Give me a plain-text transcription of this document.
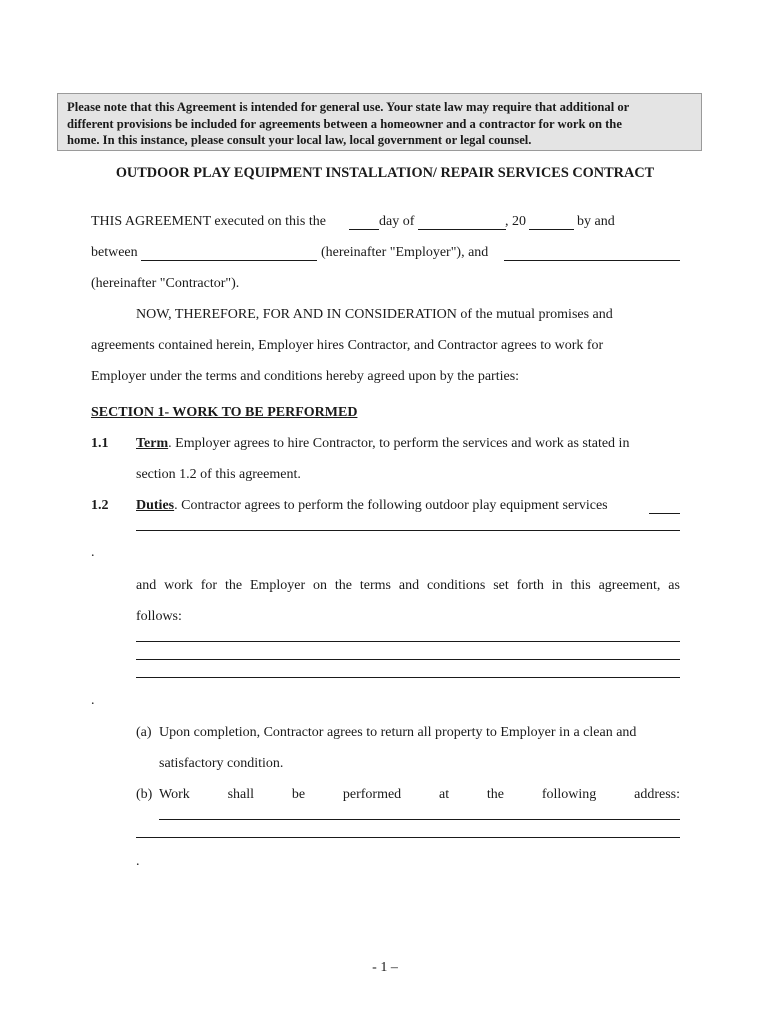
Please note that this Agreement is intended for general use. Your state law may require that additional or
different provisions be included for agreements between a homeowner and a contractor for work on the
home. In this instance, please consult your local law, local government or legal counsel.
OUTDOOR PLAY EQUIPMENT INSTALLATION/ REPAIR SERVICES CONTRACT
THIS AGREEMENT executed on this the	day of	, 20	by and
between	(hereinafter "Employer"), and
(hereinafter "Contractor").
NOW, THEREFORE, FOR AND IN CONSIDERATION of the mutual promises and
agreements contained herein, Employer hires Contractor, and Contractor agrees to work for
Employer under the terms and conditions hereby agreed upon by the parties:
SECTION 1- WORK TO BE PERFORMED
1.1 Term. Employer agrees to hire Contractor, to perform the services and work as stated in
section 1.2 of this agreement.
1.2 Duties. Contractor agrees to perform the following outdoor play equipment services
.
and work for the Employer on the terms and conditions set forth in this agreement, as
follows:
.
(a) Upon completion, Contractor agrees to return all property to Employer in a clean and
satisfactory condition.
(b) Work	shall	be	performed	at	the	following	address:
.
- 1 –
